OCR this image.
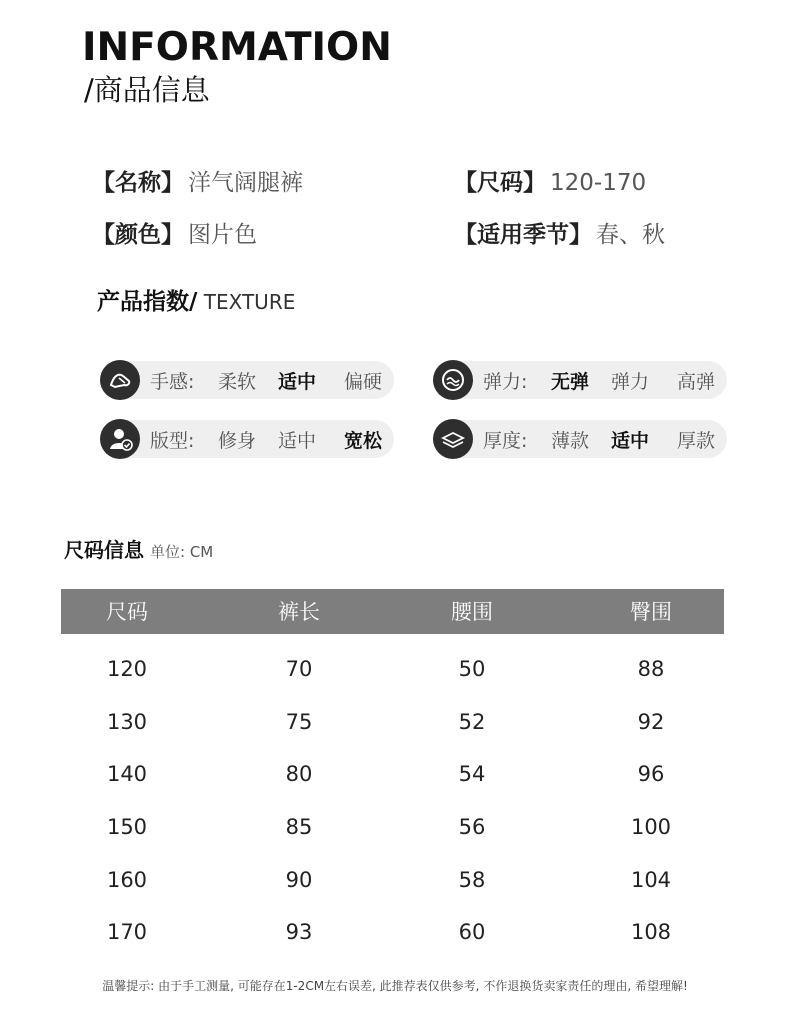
INFORMATION
/商品信息
【名称】 洋气阔腿裤	【尺码】 120-170
【颜色】 图片色	【适用季节】 春、秋
产品指数/ TEXTURE
手感: 柔软 适中 偏硬	弹力: 无弹 弹力 高弹
版型: 修身 适中 宽松	厚度: 薄款 适中 厚款
尺码信息 单位: CM
尺码	裤长	腰围	臀围
120	70	50	88
130	75	52	92
140	80	54	96
150	85	56	100
160	90	58	104
170	93	60	108
温馨提示: 由于手工测量, 可能存在1-2CM左右误差, 此推荐表仅供参考, 不作退换货卖家责任的理由, 希望理解!
